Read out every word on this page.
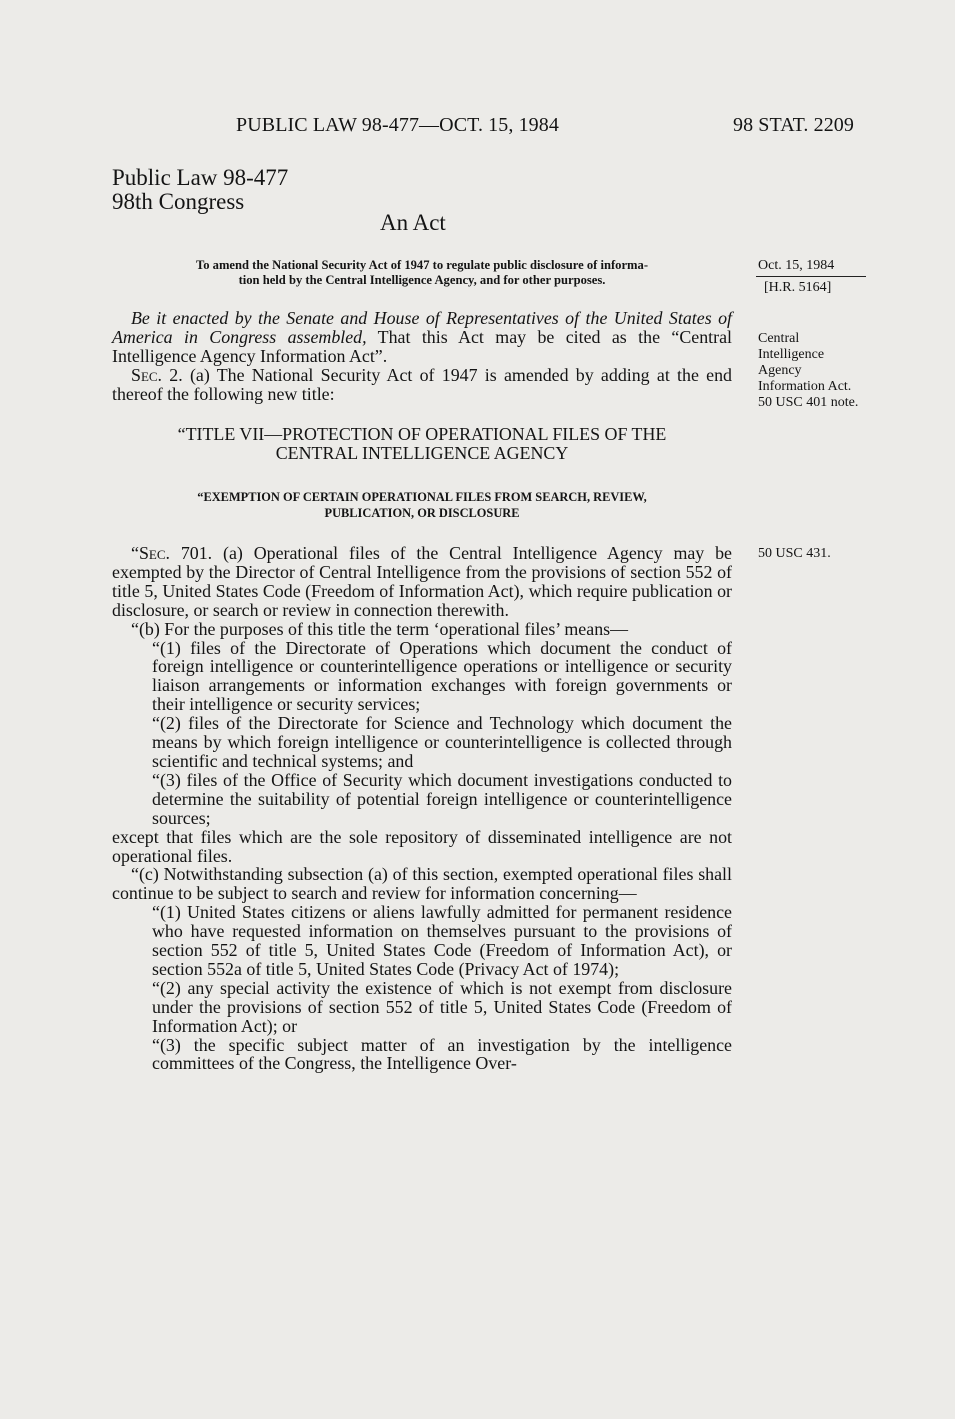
PUBLIC LAW 98-477—OCT. 15, 1984	98 STAT. 2209
Public Law 98-477
98th Congress
An Act
To amend the National Security Act of 1947 to regulate public disclosure of informa-
tion held by the Central Intelligence Agency, and for other purposes.
Oct. 15, 1984
[H.R. 5164]
Central
Intelligence
Agency
Information Act.
50 USC 401 note.
50 USC 431.

Be it enacted by the Senate and House of Representatives of the United States of America in Congress assembled, That this Act may be cited as the “Central Intelligence Agency Information Act”.

Sec. 2. (a) The National Security Act of 1947 is amended by adding at the end thereof the following new title:

“TITLE VII—PROTECTION OF OPERATIONAL FILES OF THE
CENTRAL INTELLIGENCE AGENCY
“EXEMPTION OF CERTAIN OPERATIONAL FILES FROM SEARCH, REVIEW,
PUBLICATION, OR DISCLOSURE

“Sec. 701. (a) Operational files of the Central Intelligence Agency may be exempted by the Director of Central Intelligence from the provisions of section 552 of title 5, United States Code (Freedom of Information Act), which require publication or disclosure, or search or review in connection therewith.

“(b) For the purposes of this title the term ‘operational files’ means—

“(1) files of the Directorate of Operations which document the conduct of foreign intelligence or counterintelligence operations or intelligence or security liaison arrangements or information exchanges with foreign governments or their intelligence or security services;

“(2) files of the Directorate for Science and Technology which document the means by which foreign intelligence or counterintelligence is collected through scientific and technical systems; and

“(3) files of the Office of Security which document investigations conducted to determine the suitability of potential foreign intelligence or counterintelligence sources;

except that files which are the sole repository of disseminated intelligence are not operational files.

“(c) Notwithstanding subsection (a) of this section, exempted operational files shall continue to be subject to search and review for information concerning—

“(1) United States citizens or aliens lawfully admitted for permanent residence who have requested information on themselves pursuant to the provisions of section 552 of title 5, United States Code (Freedom of Information Act), or section 552a of title 5, United States Code (Privacy Act of 1974);

“(2) any special activity the existence of which is not exempt from disclosure under the provisions of section 552 of title 5, United States Code (Freedom of Information Act); or

“(3) the specific subject matter of an investigation by the intelligence committees of the Congress, the Intelligence Over-
